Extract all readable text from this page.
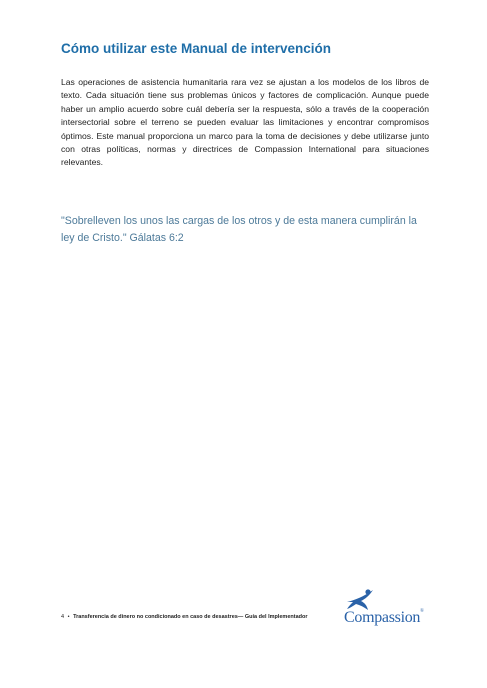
Cómo utilizar este Manual de intervención

Las operaciones de asistencia humanitaria rara vez se ajustan a los modelos de los libros de texto. Cada situación tiene sus problemas únicos y factores de complicación. Aunque puede haber un amplio acuerdo sobre cuál debería ser la respuesta, sólo a través de la cooperación intersectorial sobre el terreno se pueden evaluar las limitaciones y encontrar compromisos óptimos. Este manual proporciona un marco para la toma de decisiones y debe utilizarse junto con otras políticas, normas y directrices de Compassion International para situaciones relevantes.

"Sobrelleven los unos las cargas de los otros y de esta manera cumplirán la ley de Cristo." Gálatas 6:2

4 • Transferencia de dinero no condicionado en caso de desastres— Guía del Implementador	Compassion®
